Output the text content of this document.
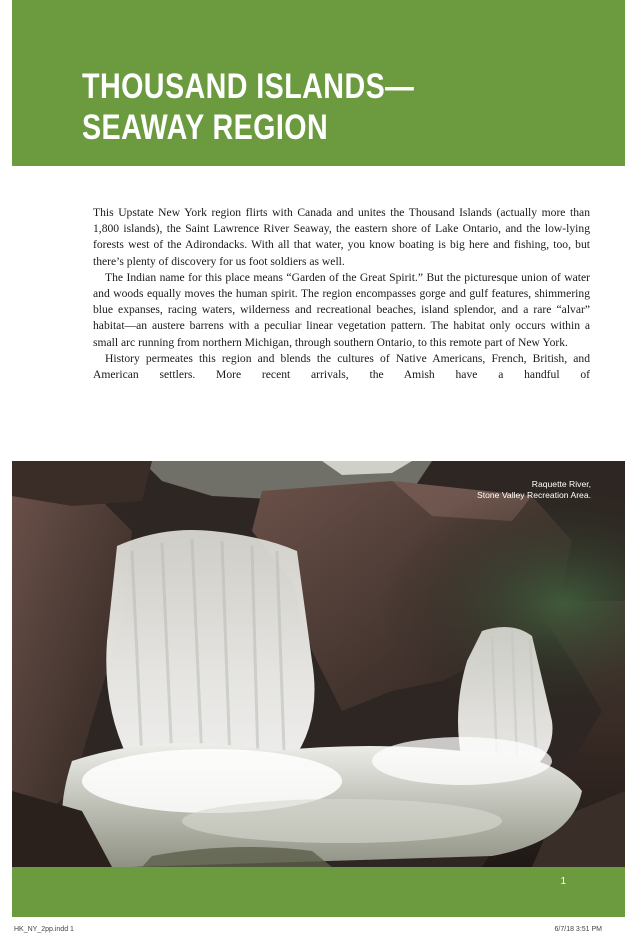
THOUSAND ISLANDS—
SEAWAY REGION

This Upstate New York region flirts with Canada and unites the Thousand Islands (actually more than 1,800 islands), the Saint Lawrence River Seaway, the eastern shore of Lake Ontario, and the low-lying forests west of the Adirondacks. With all that water, you know boating is big here and fishing, too, but there’s plenty of discovery for us foot soldiers as well.

The Indian name for this place means “Garden of the Great Spirit.” But the picturesque union of water and woods equally moves the human spirit. The region encompasses gorge and gulf features, shimmering blue expanses, racing waters, wilderness and recreational beaches, island splendor, and a rare “alvar” habitat—an austere barrens with a peculiar linear vegetation pattern. The habitat only occurs within a small arc running from northern Michigan, through southern Ontario, to this remote part of New York.

History permeates this region and blends the cultures of Native Americans, French, British, and American settlers. More recent arrivals, the Amish have a handful of

Raquette River,
Stone Valley Recreation Area.
1
HK_NY_2pp.indd 1	6/7/18 3:51 PM
